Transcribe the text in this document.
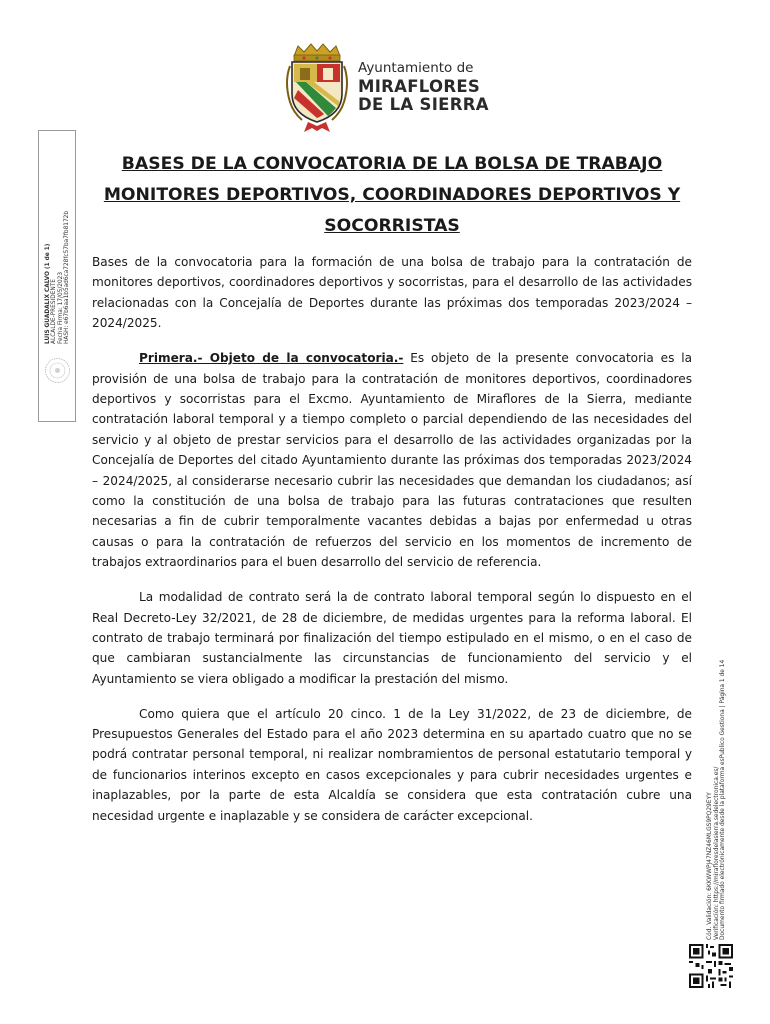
LUIS GUADALIX CALVO (1 de 1) ALCALDE-PRESIDENTE Fecha Firma: 17/05/2023 HASH: e67b6aa1b5ad6ca728fc57ba7fb8172b
Ayuntamiento de
MIRAFLORES
DE LA SIERRA
BASES DE LA CONVOCATORIA DE LA BOLSA DE TRABAJO
MONITORES DEPORTIVOS, COORDINADORES DEPORTIVOS Y
SOCORRISTAS

Bases de la convocatoria para la formación de una bolsa de trabajo para la contratación de monitores deportivos, coordinadores deportivos y socorristas, para el desarrollo de las actividades relacionadas con la Concejalía de Deportes durante las próximas dos temporadas 2023/2024 – 2024/2025.

Primera.- Objeto de la convocatoria.- Es objeto de la presente convocatoria es la provisión de una bolsa de trabajo para la contratación de monitores deportivos, coordinadores deportivos y socorristas para el Excmo. Ayuntamiento de Miraflores de la Sierra, mediante contratación laboral temporal y a tiempo completo o parcial dependiendo de las necesidades del servicio y al objeto de prestar servicios para el desarrollo de las actividades organizadas por la Concejalía de Deportes del citado Ayuntamiento durante las próximas dos temporadas 2023/2024 – 2024/2025, al considerarse necesario cubrir las necesidades que demandan los ciudadanos; así como la constitución de una bolsa de trabajo para las futuras contrataciones que resulten necesarias a fin de cubrir temporalmente vacantes debidas a bajas por enfermedad u otras causas o para la contratación de refuerzos del servicio en los momentos de incremento de trabajos extraordinarios para el buen desarrollo del servicio de referencia.

La modalidad de contrato será la de contrato laboral temporal según lo dispuesto en el Real Decreto-Ley 32/2021, de 28 de diciembre, de medidas urgentes para la reforma laboral. El contrato de trabajo terminará por finalización del tiempo estipulado en el mismo, o en el caso de que cambiaran sustancialmente las circunstancias de funcionamiento del servicio y el Ayuntamiento se viera obligado a modificar la prestación del mismo.

Como quiera que el artículo 20 cinco. 1 de la Ley 31/2022, de 23 de diciembre, de Presupuestos Generales del Estado para el año 2023 determina en su apartado cuatro que no se podrá contratar personal temporal, ni realizar nombramientos de personal estatutario temporal y de funcionarios interinos excepto en casos excepcionales y para cubrir necesidades urgentes e inaplazables, por la parte de esta Alcaldía se considera que esta contratación cubre una necesidad urgente e inaplazable y se considera de carácter excepcional.	Cód. Validación: 6KKWWPJ47NZ46MLGS9PQ29EYY Verificación: https://mirafloresdelasierra.sedelectronica.es/ Documento firmado electrónicamente desde la plataforma esPublico Gestiona | Página 1 de 14
